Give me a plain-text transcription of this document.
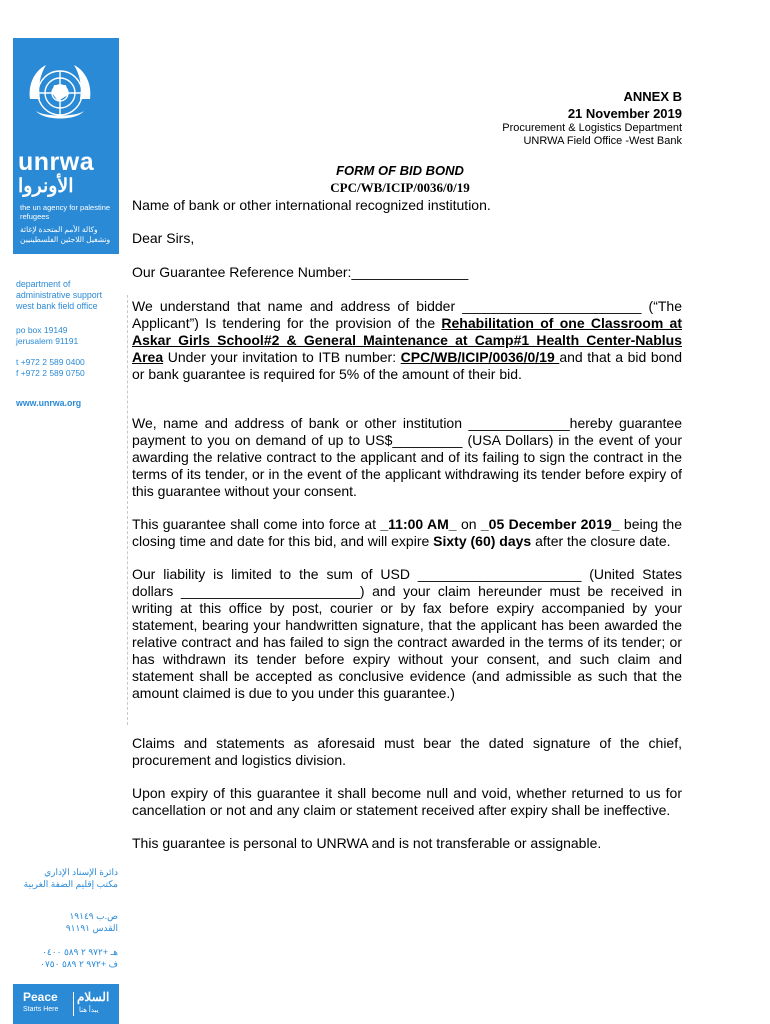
unrwa
الأونروا
the un agency for palestine refugees
وكالة الأمم المتحدة لإغاثة وتشغيل اللاجئين الفلسطينيين
department of
administrative support
west bank field office
po box 19149
jerusalem 91191
t +972 2 589 0400
f +972 2 589 0750
www.unrwa.org
دائرة الإسناد الإداري
مكتب إقليم الضفة الغربية
ص.ب ١٩١٤٩
القدس ٩١١٩١
هـ +٩٧٢ ٢ ٥٨٩ ٠٤٠٠
ف +٩٧٢ ٢ ٥٨٩ ٠٧٥٠
Peace
Starts Here
السلام
يبدأ هنا
ANNEX B
21 November 2019
Procurement & Logistics Department
UNRWA Field Office -West Bank
FORM OF BID BOND
CPC/WB/ICIP/0036/0/19
Name of bank or other international recognized institution.
Dear Sirs,
Our Guarantee Reference Number:_______________
We understand that name and address of bidder _______________________ (“The Applicant”) Is tendering for the provision of the Rehabilitation of one Classroom at Askar Girls School#2 & General Maintenance at Camp#1 Health Center-Nablus Area Under your invitation to ITB number: CPC/WB/ICIP/0036/0/19 and that a bid bond or bank guarantee is required for 5% of the amount of their bid.
We, name and address of bank or other institution _____________hereby guarantee payment to you on demand of up to US$_________ (USA Dollars) in the event of your awarding the relative contract to the applicant and of its failing to sign the contract in the terms of its tender, or in the event of the applicant withdrawing its tender before expiry of this guarantee without your consent.
This guarantee shall come into force at _11:00 AM_ on _05 December 2019_ being the closing time and date for this bid, and will expire Sixty (60) days after the closure date.
Our liability is limited to the sum of USD _____________________ (United States dollars _______________________) and your claim hereunder must be received in writing at this office by post, courier or by fax before expiry accompanied by your statement, bearing your handwritten signature, that the applicant has been awarded the relative contract and has failed to sign the contract awarded in the terms of its tender; or has withdrawn its tender before expiry without your consent, and such claim and statement shall be accepted as conclusive evidence (and admissible as such that the amount claimed is due to you under this guarantee.)
Claims and statements as aforesaid must bear the dated signature of the chief, procurement and logistics division.
Upon expiry of this guarantee it shall become null and void, whether returned to us for cancellation or not and any claim or statement received after expiry shall be ineffective.
This guarantee is personal to UNRWA and is not transferable or assignable.
